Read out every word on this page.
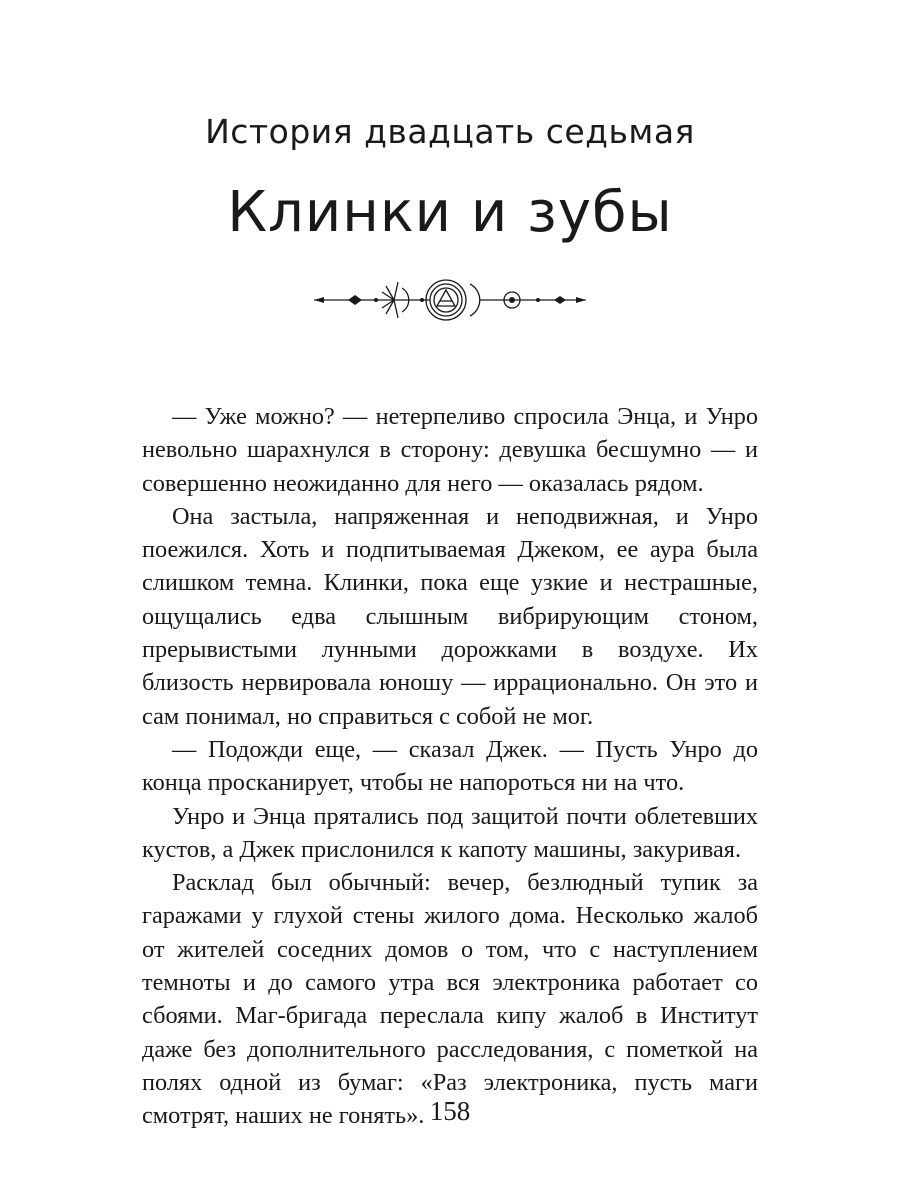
История двадцать седьмая
Клинки и зубы

— Уже можно? — нетерпеливо спросила Энца, и Унро невольно шарахнулся в сторону: девушка бесшумно — и совершенно неожиданно для него — оказалась рядом.

Она застыла, напряженная и неподвижная, и Унро поежился. Хоть и подпитываемая Джеком, ее аура была слишком темна. Клинки, пока еще узкие и нестрашные, ощущались едва слышным вибрирующим стоном, прерывистыми лунными дорожками в воздухе. Их близость нервировала юношу — иррационально. Он это и сам понимал, но справиться с собой не мог.

— Подожди еще, — сказал Джек. — Пусть Унро до конца просканирует, чтобы не напороться ни на что.

Унро и Энца прятались под защитой почти облетевших кустов, а Джек прислонился к капоту машины, закуривая.

Расклад был обычный: вечер, безлюдный тупик за гаражами у глухой стены жилого дома. Несколько жалоб от жителей соседних домов о том, что с наступлением темноты и до самого утра вся электроника работает со сбоями. Маг-бригада переслала кипу жалоб в Институт даже без дополнительного расследования, с пометкой на полях одной из бумаг: «Раз электроника, пусть маги смотрят, наших не гонять». 158
